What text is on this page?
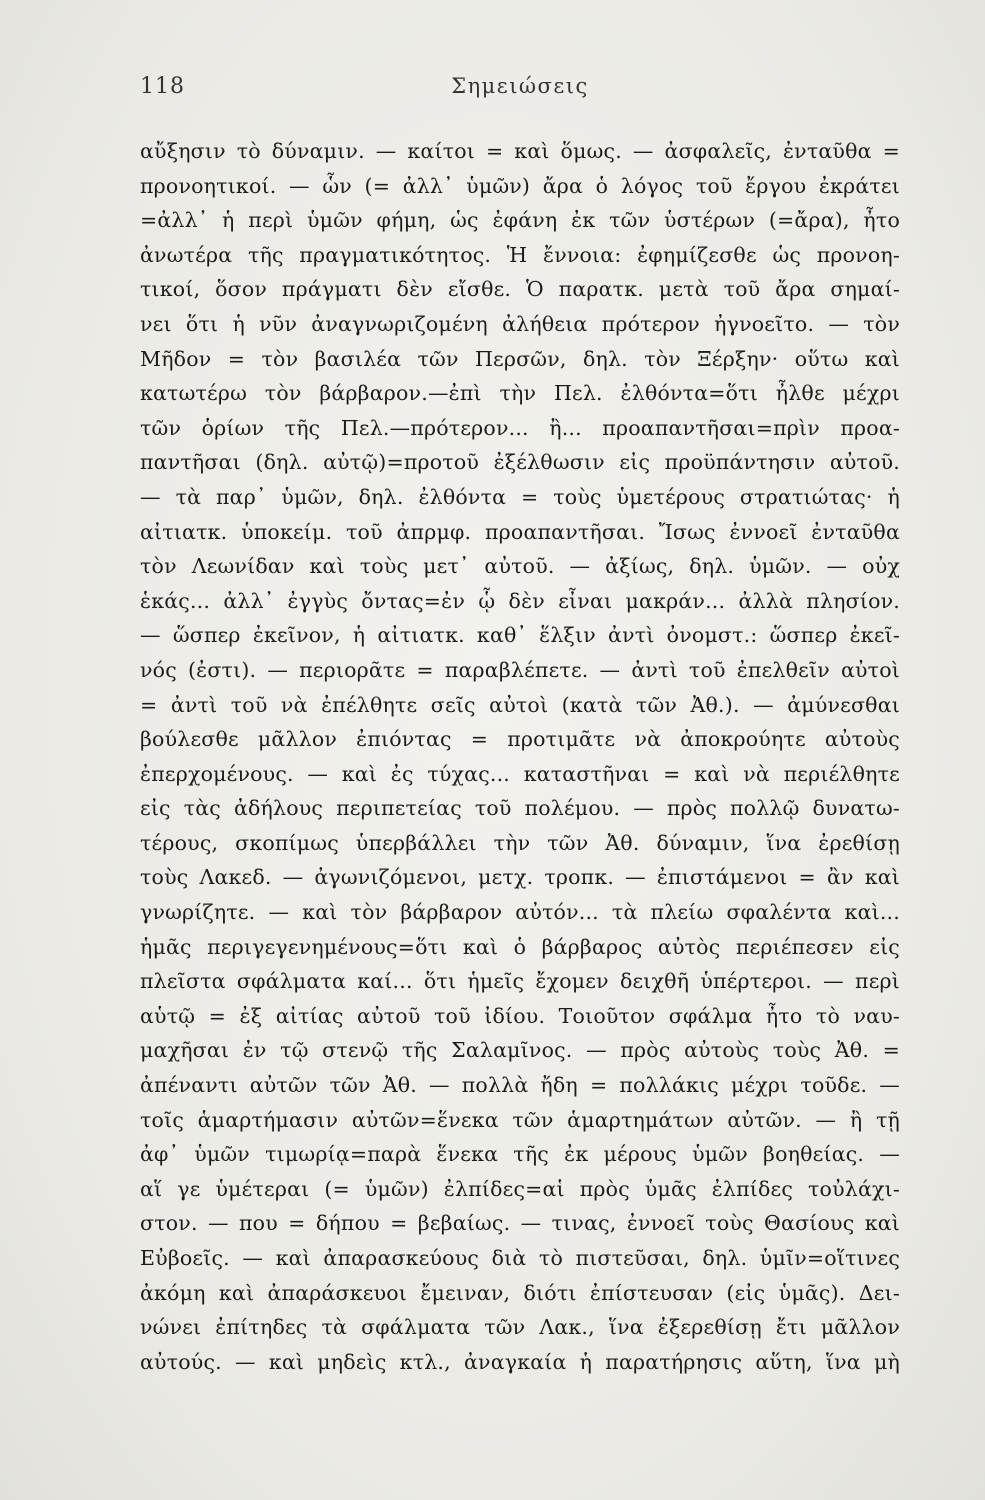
118	Σημειώσεις
αὔξησιν τὸ δύναμιν. — καίτοι = καὶ ὅμως. — ἀσφαλεῖς, ἐνταῦθα =
προνοητικοί. — ὧν (= ἀλλ᾽ ὑμῶν) ἄρα ὁ λόγος τοῦ ἔργου ἐκράτει
=ἀλλ᾽ ἡ περὶ ὑμῶν φήμη, ὡς ἐφάνη ἐκ τῶν ὑστέρων (=ἄρα), ἦτο
ἀνωτέρα τῆς πραγματικότητος. Ἡ ἔννοια: ἐφημίζεσθε ὡς προνοη-
τικοί, ὅσον πράγματι δὲν εἴσθε. Ὁ παρατκ. μετὰ τοῦ ἄρα σημαί-
νει ὅτι ἡ νῦν ἀναγνωριζομένη ἀλήθεια πρότερον ἠγνοεῖτο. — τὸν
Μῆδον = τὸν βασιλέα τῶν Περσῶν, δηλ. τὸν Ξέρξην· οὕτω καὶ
κατωτέρω τὸν βάρβαρον.—ἐπὶ τὴν Πελ. ἐλθόντα=ὅτι ἦλθε μέχρι
τῶν ὁρίων τῆς Πελ.—πρότερον... ἢ... προαπαντῆσαι=πρὶν προα-
παντῆσαι (δηλ. αὐτῷ)=προτοῦ ἐξέλθωσιν εἰς προϋπάντησιν αὐτοῦ.
— τὰ παρ᾽ ὑμῶν, δηλ. ἐλθόντα = τοὺς ὑμετέρους στρατιώτας· ἡ
αἰτιατκ. ὑποκείμ. τοῦ ἀπρμφ. προαπαντῆσαι. Ἴσως ἐννοεῖ ἐνταῦθα
τὸν Λεωνίδαν καὶ τοὺς μετ᾽ αὐτοῦ. — ἀξίως, δηλ. ὑμῶν. — οὐχ
ἑκάς... ἀλλ᾽ ἐγγὺς ὄντας=ἐν ᾧ δὲν εἶναι μακράν... ἀλλὰ πλησίον.
— ὥσπερ ἐκεῖνον, ἡ αἰτιατκ. καθ᾽ ἕλξιν ἀντὶ ὀνομστ.: ὥσπερ ἐκεῖ-
νός (ἐστι). — περιορᾶτε = παραβλέπετε. — ἀντὶ τοῦ ἐπελθεῖν αὐτοὶ
= ἀντὶ τοῦ νὰ ἐπέλθητε σεῖς αὐτοὶ (κατὰ τῶν Ἀθ.). — ἀμύνεσθαι
βούλεσθε μᾶλλον ἐπιόντας = προτιμᾶτε νὰ ἀποκρούητε αὐτοὺς
ἐπερχομένους. — καὶ ἐς τύχας... καταστῆναι = καὶ νὰ περιέλθητε
εἰς τὰς ἀδήλους περιπετείας τοῦ πολέμου. — πρὸς πολλῷ δυνατω-
τέρους, σκοπίμως ὑπερβάλλει τὴν τῶν Ἀθ. δύναμιν, ἵνα ἐρεθίσῃ
τοὺς Λακεδ. — ἀγωνιζόμενοι, μετχ. τροπκ. — ἐπιστάμενοι = ἂν καὶ
γνωρίζητε. — καὶ τὸν βάρβαρον αὐτόν... τὰ πλείω σφαλέντα καὶ...
ἡμᾶς περιγεγενημένους=ὅτι καὶ ὁ βάρβαρος αὐτὸς περιέπεσεν εἰς
πλεῖστα σφάλματα καί... ὅτι ἡμεῖς ἔχομεν δειχθῆ ὑπέρτεροι. — περὶ
αὑτῷ = ἐξ αἰτίας αὐτοῦ τοῦ ἰδίου. Τοιοῦτον σφάλμα ἦτο τὸ ναυ-
μαχῆσαι ἐν τῷ στενῷ τῆς Σαλαμῖνος. — πρὸς αὐτοὺς τοὺς Ἀθ. =
ἀπέναντι αὐτῶν τῶν Ἀθ. — πολλὰ ἤδη = πολλάκις μέχρι τοῦδε. —
τοῖς ἁμαρτήμασιν αὐτῶν=ἕνεκα τῶν ἁμαρτημάτων αὐτῶν. — ἢ τῇ
ἀφ᾽ ὑμῶν τιμωρίᾳ=παρὰ ἕνεκα τῆς ἐκ μέρους ὑμῶν βοηθείας. —
αἵ γε ὑμέτεραι (= ὑμῶν) ἐλπίδες=αἱ πρὸς ὑμᾶς ἐλπίδες τοὐλάχι-
στον. — που = δήπου = βεβαίως. — τινας, ἐννοεῖ τοὺς Θασίους καὶ
Εὐβοεῖς. — καὶ ἀπαρασκεύους διὰ τὸ πιστεῦσαι, δηλ. ὑμῖν=οἵτινες
ἀκόμη καὶ ἀπαράσκευοι ἔμειναν, διότι ἐπίστευσαν (εἰς ὑμᾶς). Δει-
νώνει ἐπίτηδες τὰ σφάλματα τῶν Λακ., ἵνα ἐξερεθίσῃ ἔτι μᾶλλον
αὐτούς. — καὶ μηδεὶς κτλ., ἀναγκαία ἡ παρατήρησις αὕτη, ἵνα μὴ
